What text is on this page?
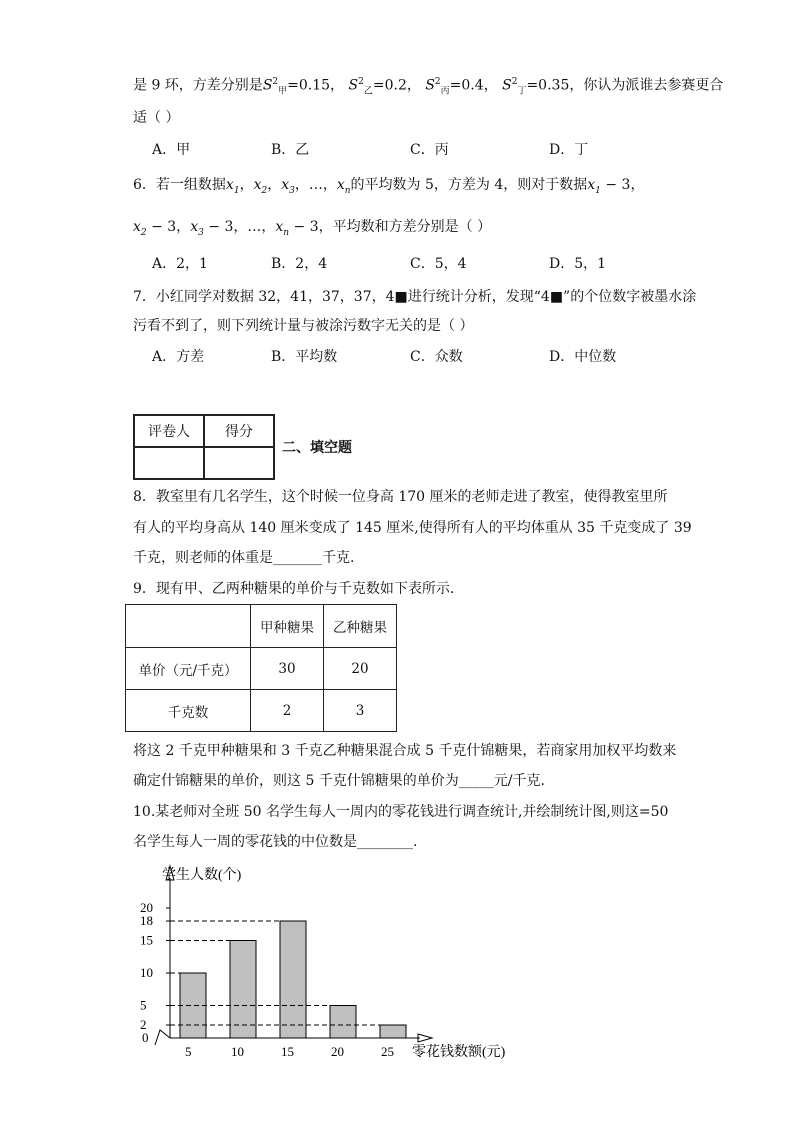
是 9 环，方差分别是$S^2_甲=0.15$， $S^2_乙=0.2$， $S^2_丙=0.4$， $S^2_丁=0.35$，你认为派谁去参赛更合
适（ ）
A．甲	B．乙	C．丙	D．丁
6．若一组数据$x_1$，$x_2$，$x_3$，…，$x_n$的平均数为 5，方差为 4，则对于数据$x_1 - 3$，
$x_2 - 3$，$x_3 - 3$，…，$x_n - 3$，平均数和方差分别是（ ）
A．2，1	B．2，4	C．5，4	D．5，1
7．小红同学对数据 32，41，37，37，4■进行统计分析，发现“4■”的个位数字被墨水涂
污看不到了，则下列统计量与被涂污数字无关的是（ ）
A．方差	B．平均数	C．众数	D．中位数
评卷人	得分

二、填空题
8．教室里有几名学生，这个时候一位身高 170 厘米的老师走进了教室，使得教室里所
有人的平均身高从 140 厘米变成了 145 厘米,使得所有人的平均体重从 35 千克变成了 39
千克，则老师的体重是_______千克.
9．现有甲、乙两种糖果的单价与千克数如下表所示．
	甲种糖果	乙种糖果
单价（元/千克）	30	20
千克数	2	3
将这 2 千克甲种糖果和 3 千克乙种糖果混合成 5 千克什锦糖果，若商家用加权平均数来
确定什锦糖果的单价，则这 5 千克什锦糖果的单价为_____元/千克．
10.某老师对全班 50 名学生每人一周内的零花钱进行调查统计,并绘制统计图,则这=50
名学生每人一周的零花钱的中位数是________.
学生人数(个)
零花钱数额(元)
0
2
5
10
15
18
20
5	10	15	20	25
